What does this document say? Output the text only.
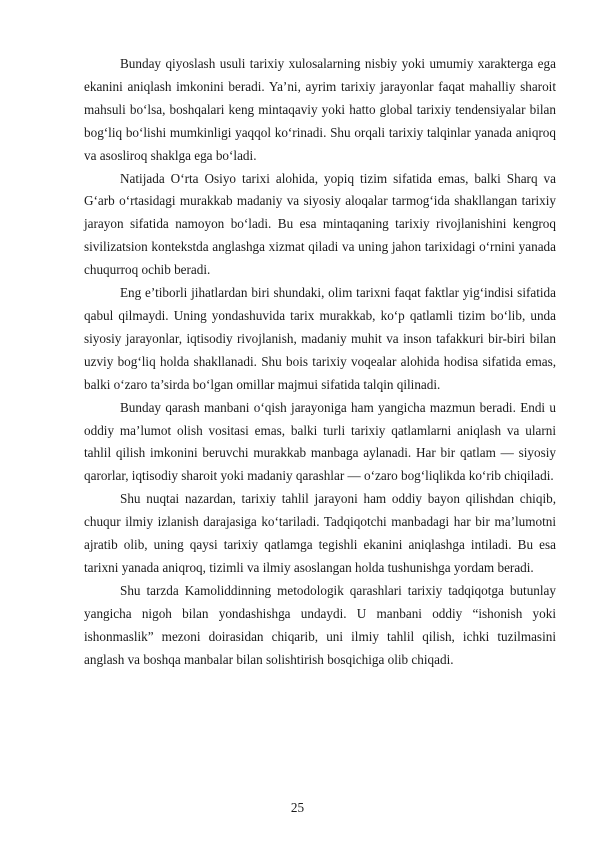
Bunday qiyoslash usuli tarixiy xulosalarning nisbiy yoki umumiy xarakterga ega ekanini aniqlash imkonini beradi. Ya’ni, ayrim tarixiy jarayonlar faqat mahalliy sharoit mahsuli bo‘lsa, boshqalari keng mintaqaviy yoki hatto global tarixiy tendensiyalar bilan bog‘liq bo‘lishi mumkinligi yaqqol ko‘rinadi. Shu orqali tarixiy talqinlar yanada aniqroq va asosliroq shaklga ega bo‘ladi.

Natijada O‘rta Osiyo tarixi alohida, yopiq tizim sifatida emas, balki Sharq va G‘arb o‘rtasidagi murakkab madaniy va siyosiy aloqalar tarmog‘ida shakllangan tarixiy jarayon sifatida namoyon bo‘ladi. Bu esa mintaqaning tarixiy rivojlanishini kengroq sivilizatsion kontekstda anglashga xizmat qiladi va uning jahon tarixidagi o‘rnini yanada chuqurroq ochib beradi.

Eng e’tiborli jihatlardan biri shundaki, olim tarixni faqat faktlar yig‘indisi sifatida qabul qilmaydi. Uning yondashuvida tarix murakkab, ko‘p qatlamli tizim bo‘lib, unda siyosiy jarayonlar, iqtisodiy rivojlanish, madaniy muhit va inson tafakkuri bir-biri bilan uzviy bog‘liq holda shakllanadi. Shu bois tarixiy voqealar alohida hodisa sifatida emas, balki o‘zaro ta’sirda bo‘lgan omillar majmui sifatida talqin qilinadi.

Bunday qarash manbani o‘qish jarayoniga ham yangicha mazmun beradi. Endi u oddiy ma’lumot olish vositasi emas, balki turli tarixiy qatlamlarni aniqlash va ularni tahlil qilish imkonini beruvchi murakkab manbaga aylanadi. Har bir qatlam — siyosiy qarorlar, iqtisodiy sharoit yoki madaniy qarashlar — o‘zaro bog‘liqlikda ko‘rib chiqiladi.

Shu nuqtai nazardan, tarixiy tahlil jarayoni ham oddiy bayon qilishdan chiqib, chuqur ilmiy izlanish darajasiga ko‘tariladi. Tadqiqotchi manbadagi har bir ma’lumotni ajratib olib, uning qaysi tarixiy qatlamga tegishli ekanini aniqlashga intiladi. Bu esa tarixni yanada aniqroq, tizimli va ilmiy asoslangan holda tushunishga yordam beradi.

Shu tarzda Kamoliddinning metodologik qarashlari tarixiy tadqiqotga butunlay yangicha nigoh bilan yondashishga undaydi. U manbani oddiy “ishonish yoki ishonmaslik” mezoni doirasidan chiqarib, uni ilmiy tahlil qilish, ichki tuzilmasini anglash va boshqa manbalar bilan solishtirish bosqichiga olib chiqadi.

25
